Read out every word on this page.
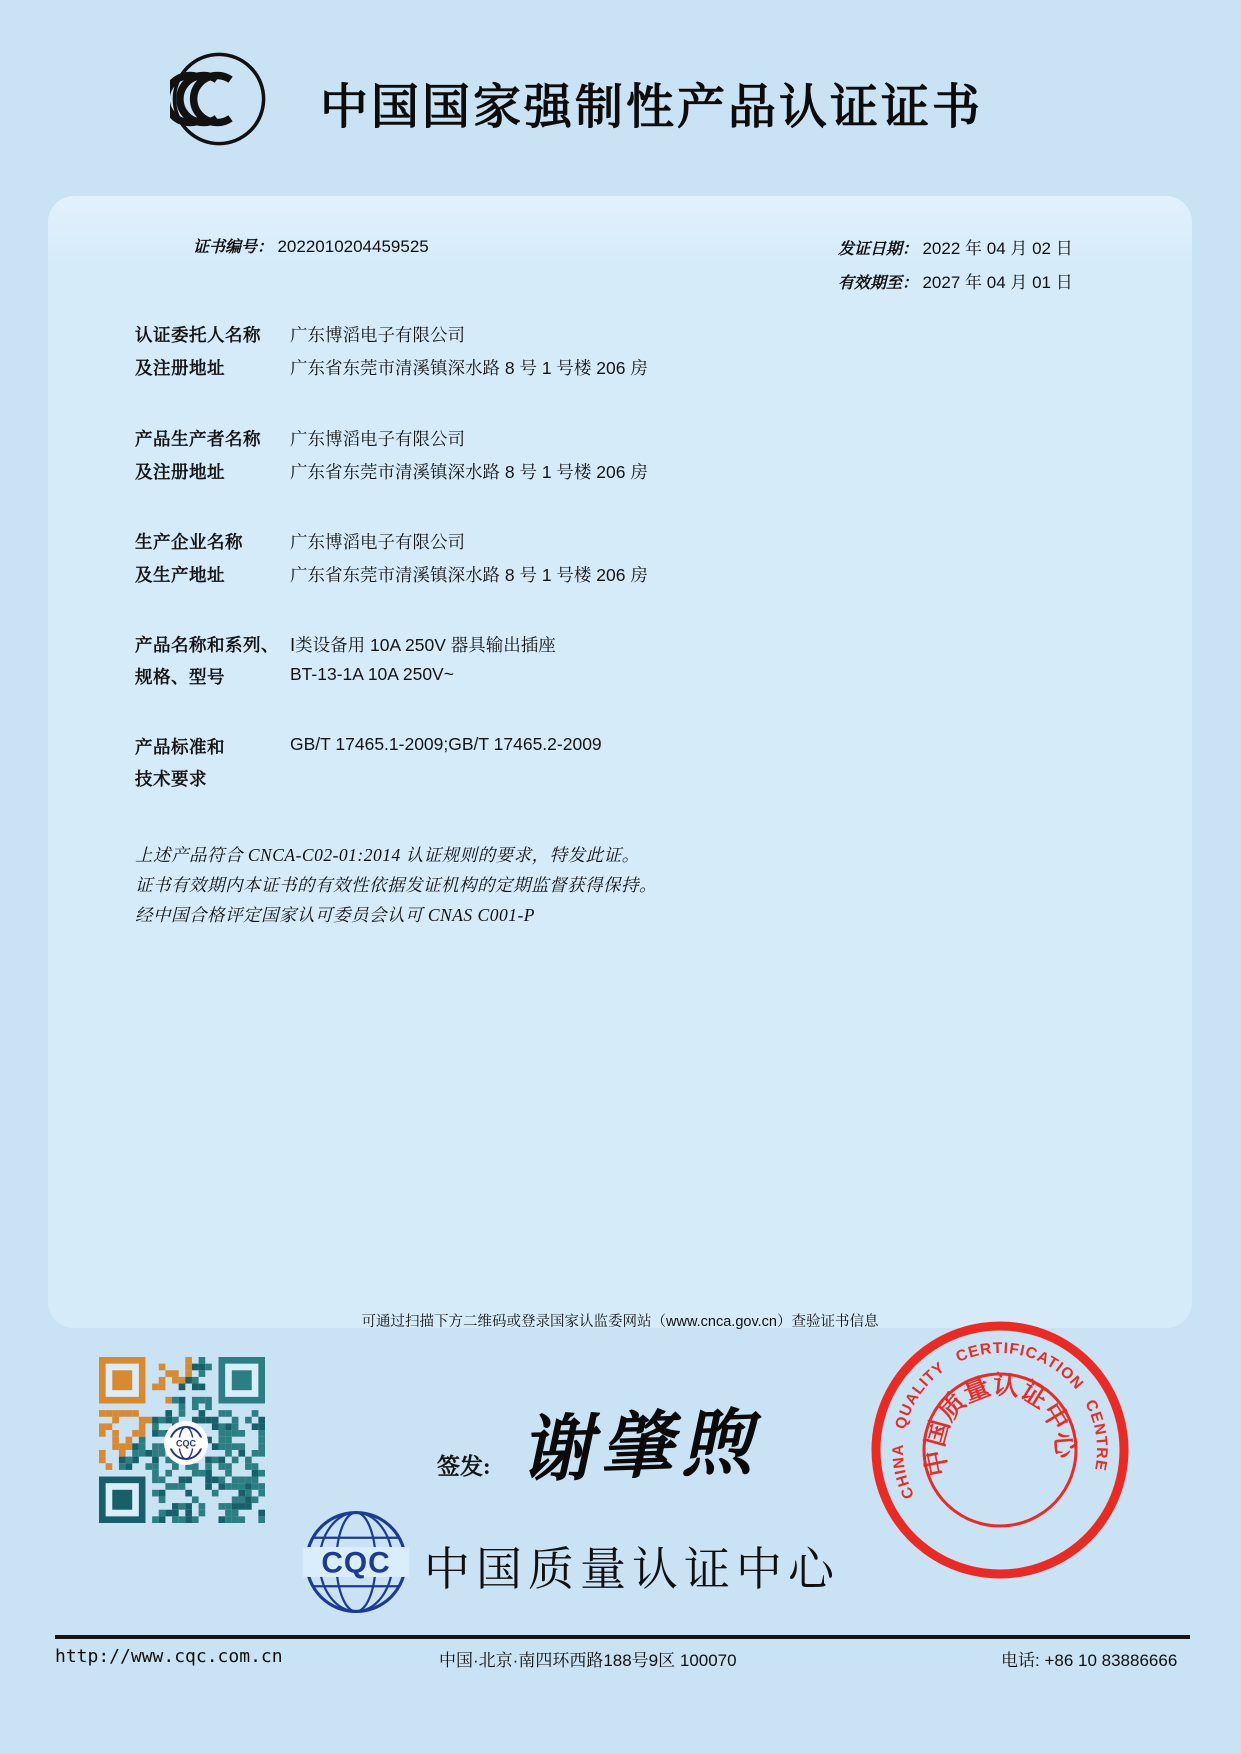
中国国家强制性产品认证证书
证书编号： 2022010204459525	发证日期： 2022 年 04 月 02 日
有效期至： 2027 年 04 月 01 日
认证委托人名称 广东博滔电子有限公司
及注册地址	广东省东莞市清溪镇深水路 8 号 1 号楼 206 房
产品生产者名称 广东博滔电子有限公司
及注册地址	广东省东莞市清溪镇深水路 8 号 1 号楼 206 房
生产企业名称	广东博滔电子有限公司
及生产地址	广东省东莞市清溪镇深水路 8 号 1 号楼 206 房
产品名称和系列、 Ⅰ类设备用 10A 250V 器具输出插座
规格、型号	BT-13-1A 10A 250V~
产品标准和	GB/T 17465.1-2009;GB/T 17465.2-2009
技术要求
上述产品符合 CNCA-C02-01:2014 认证规则的要求，特发此证。
证书有效期内本证书的有效性依据发证机构的定期监督获得保持。
经中国合格评定国家认可委员会认可 CNAS C001-P
可通过扫描下方二维码或登录国家认监委网站（www.cnca.gov.cn）查验证书信息
CQC
签发: 谢肇煦
CQC 中国质量认证中心
CHINA QUALITY CERTIFICATION CENTRE
中国质量认证中心
http://www.cqc.com.cn	中国·北京·南四环西路188号9区 100070	电话: +86 10 83886666
